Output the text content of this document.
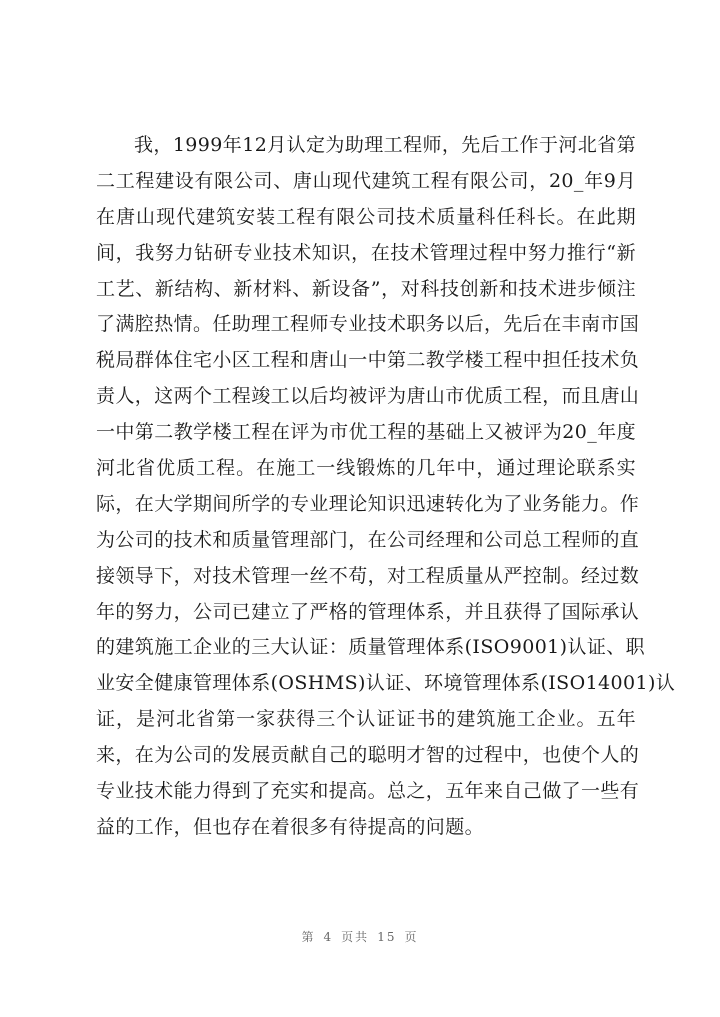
我，1999年12月认定为助理工程师，先后工作于河北省第
二工程建设有限公司、唐山现代建筑工程有限公司，20_年9月
在唐山现代建筑安装工程有限公司技术质量科任科长。在此期
间，我努力钻研专业技术知识，在技术管理过程中努力推行“新
工艺、新结构、新材料、新设备”，对科技创新和技术进步倾注
了满腔热情。任助理工程师专业技术职务以后，先后在丰南市国
税局群体住宅小区工程和唐山一中第二教学楼工程中担任技术负
责人，这两个工程竣工以后均被评为唐山市优质工程，而且唐山
一中第二教学楼工程在评为市优工程的基础上又被评为20_年度
河北省优质工程。在施工一线锻炼的几年中，通过理论联系实
际，在大学期间所学的专业理论知识迅速转化为了业务能力。作
为公司的技术和质量管理部门，在公司经理和公司总工程师的直
接领导下，对技术管理一丝不苟，对工程质量从严控制。经过数
年的努力，公司已建立了严格的管理体系，并且获得了国际承认
的建筑施工企业的三大认证：质量管理体系(ISO9001)认证、职
业安全健康管理体系(OSHMS)认证、环境管理体系(ISO14001)认
证，是河北省第一家获得三个认证证书的建筑施工企业。五年
来，在为公司的发展贡献自己的聪明才智的过程中，也使个人的
专业技术能力得到了充实和提高。总之，五年来自己做了一些有
益的工作，但也存在着很多有待提高的问题。
第 4 页共 15 页
